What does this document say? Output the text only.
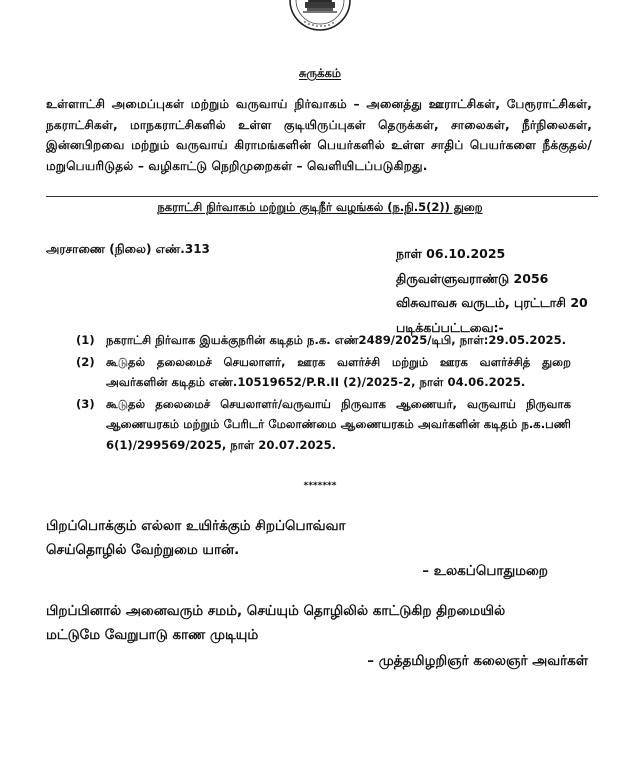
சுருக்கம்
உள்ளாட்சி அமைப்புகள் மற்றும் வருவாய் நிர்வாகம் – அனைத்து ஊராட்சிகள், பேரூராட்சிகள், நகராட்சிகள், மாநகராட்சிகளில் உள்ள குடியிருப்புகள் தெருக்கள், சாலைகள், நீர்நிலைகள், இன்னபிறவை மற்றும் வருவாய் கிராமங்களின் பெயர்களில் உள்ள சாதிப் பெயர்களை நீக்குதல்/மறுபெயரிடுதல் – வழிகாட்டு நெறிமுறைகள் – வெளியிடப்படுகிறது.
நகராட்சி நிர்வாகம் மற்றும் குடிநீர் வழங்கல் (ந.நி.5(2)) துறை
அரசாணை (நிலை) எண்.313	நாள் 06.10.2025
திருவள்ளுவராண்டு 2056
விசுவாவசு வருடம், புரட்டாசி 20
படிக்கப்பட்டவை:-
(1) நகராட்சி நிர்வாக இயக்குநரின் கடிதம் ந.க. எண்2489/2025/டிபி, நாள்:29.05.2025.
(2) கூடுதல் தலைமைச் செயலாளர், ஊரக வளர்ச்சி மற்றும் ஊரக வளர்ச்சித் துறை அவர்களின் கடிதம் எண்.10519652/P.R.II (2)/2025-2, நாள் 04.06.2025.
(3) கூடுதல் தலைமைச் செயலாளர்/வருவாய் நிருவாக ஆணையர், வருவாய் நிருவாக ஆணையரகம் மற்றும் பேரிடர் மேலாண்மை ஆணையரகம் அவர்களின் கடிதம் ந.க.பணி 6(1)/299569/2025, நாள் 20.07.2025.
*******
பிறப்பொக்கும் எல்லா உயிர்க்கும் சிறப்பொவ்வா
செய்தொழில் வேற்றுமை யான்.
– உலகப்பொதுமறை
பிறப்பினால் அனைவரும் சமம், செய்யும் தொழிலில் காட்டுகிற திறமையில்
மட்டுமே வேறுபாடு காண முடியும்
– முத்தமிழறிஞர் கலைஞர் அவர்கள்
